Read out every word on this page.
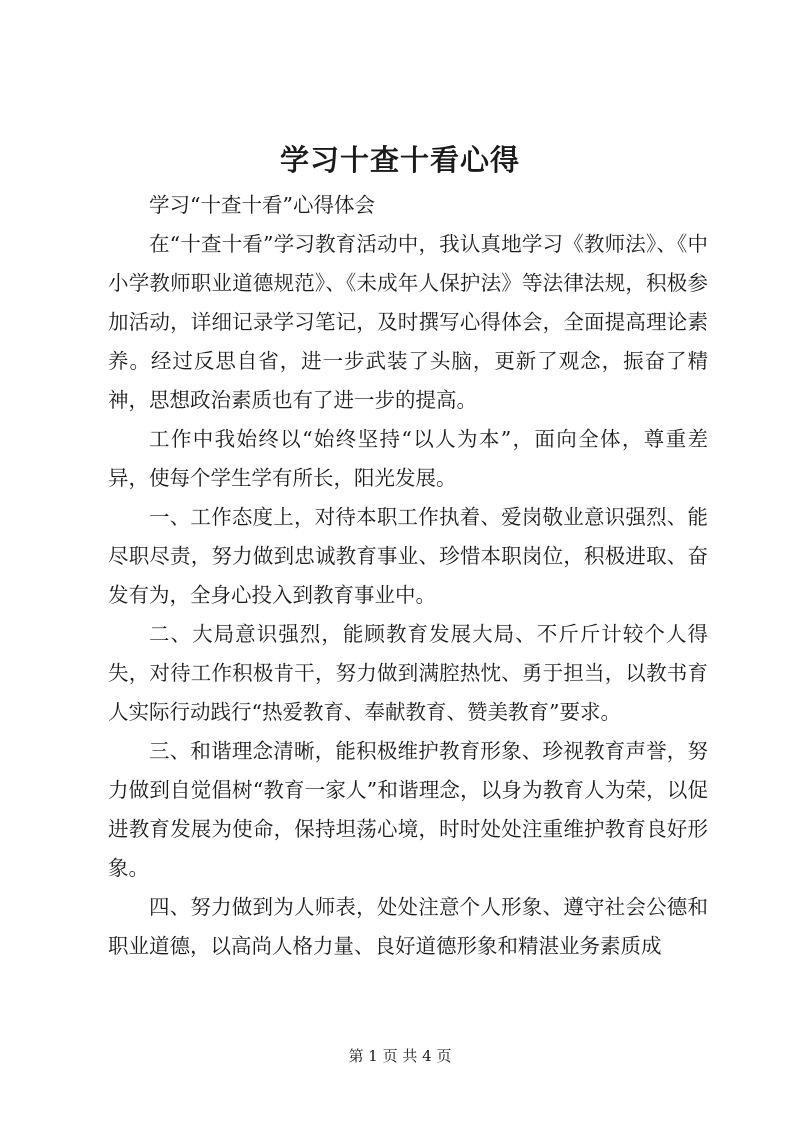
学习十查十看心得

学习“十查十看”心得体会

在“十查十看”学习教育活动中，我认真地学习《教师法》、《中小学教师职业道德规范》、《未成年人保护法》等法律法规，积极参加活动，详细记录学习笔记，及时撰写心得体会，全面提高理论素养。经过反思自省，进一步武装了头脑，更新了观念，振奋了精神，思想政治素质也有了进一步的提高。

工作中我始终以“始终坚持“以人为本”，面向全体，尊重差异，使每个学生学有所长，阳光发展。

一、工作态度上，对待本职工作执着、爱岗敬业意识强烈、能尽职尽责，努力做到忠诚教育事业、珍惜本职岗位，积极进取、奋发有为，全身心投入到教育事业中。

二、大局意识强烈，能顾教育发展大局、不斤斤计较个人得失，对待工作积极肯干，努力做到满腔热忱、勇于担当，以教书育人实际行动践行“热爱教育、奉献教育、赞美教育”要求。

三、和谐理念清晰，能积极维护教育形象、珍视教育声誉，努力做到自觉倡树“教育一家人”和谐理念，以身为教育人为荣，以促进教育发展为使命，保持坦荡心境，时时处处注重维护教育良好形象。

四、努力做到为人师表，处处注意个人形象、遵守社会公德和职业道德，以高尚人格力量、良好道德形象和精湛业务素质成

第 1 页 共 4 页
